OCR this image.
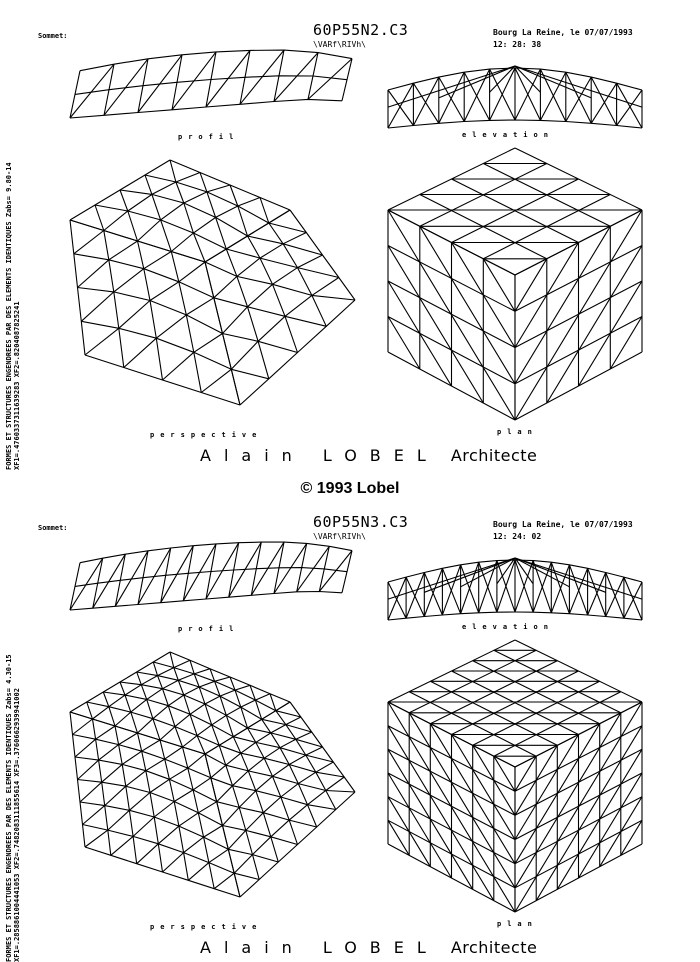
Sommet:	60P55N2.C3
\VARf\RIVh\
Bourg La Reine, le 07/07/1993
12: 28: 38
profil	elevation
perspective	plan
Alain LOBEL Architecte
FORMES ET STRUCTURES ENGENDREES PAR DES ELEMENTS IDENTIQUES Zabs= 9.80-14 XF1=.4760337311639283 XF2=.8204087825241
© 1993 Lobel
Sommet:	60P55N3.C3
\VARf\RIVh\
Bourg La Reine, le 07/07/1993
12: 24: 02
profil	elevation
perspective	plan
Alain LOBEL Architecte
FORMES ET STRUCTURES ENGENDREES PAR DES ELEMENTS IDENTIQUES Zabs= 4.30-15 XF1=.2858861004441053 XF2=.7482083111855614 XF3=.3760662939941002
